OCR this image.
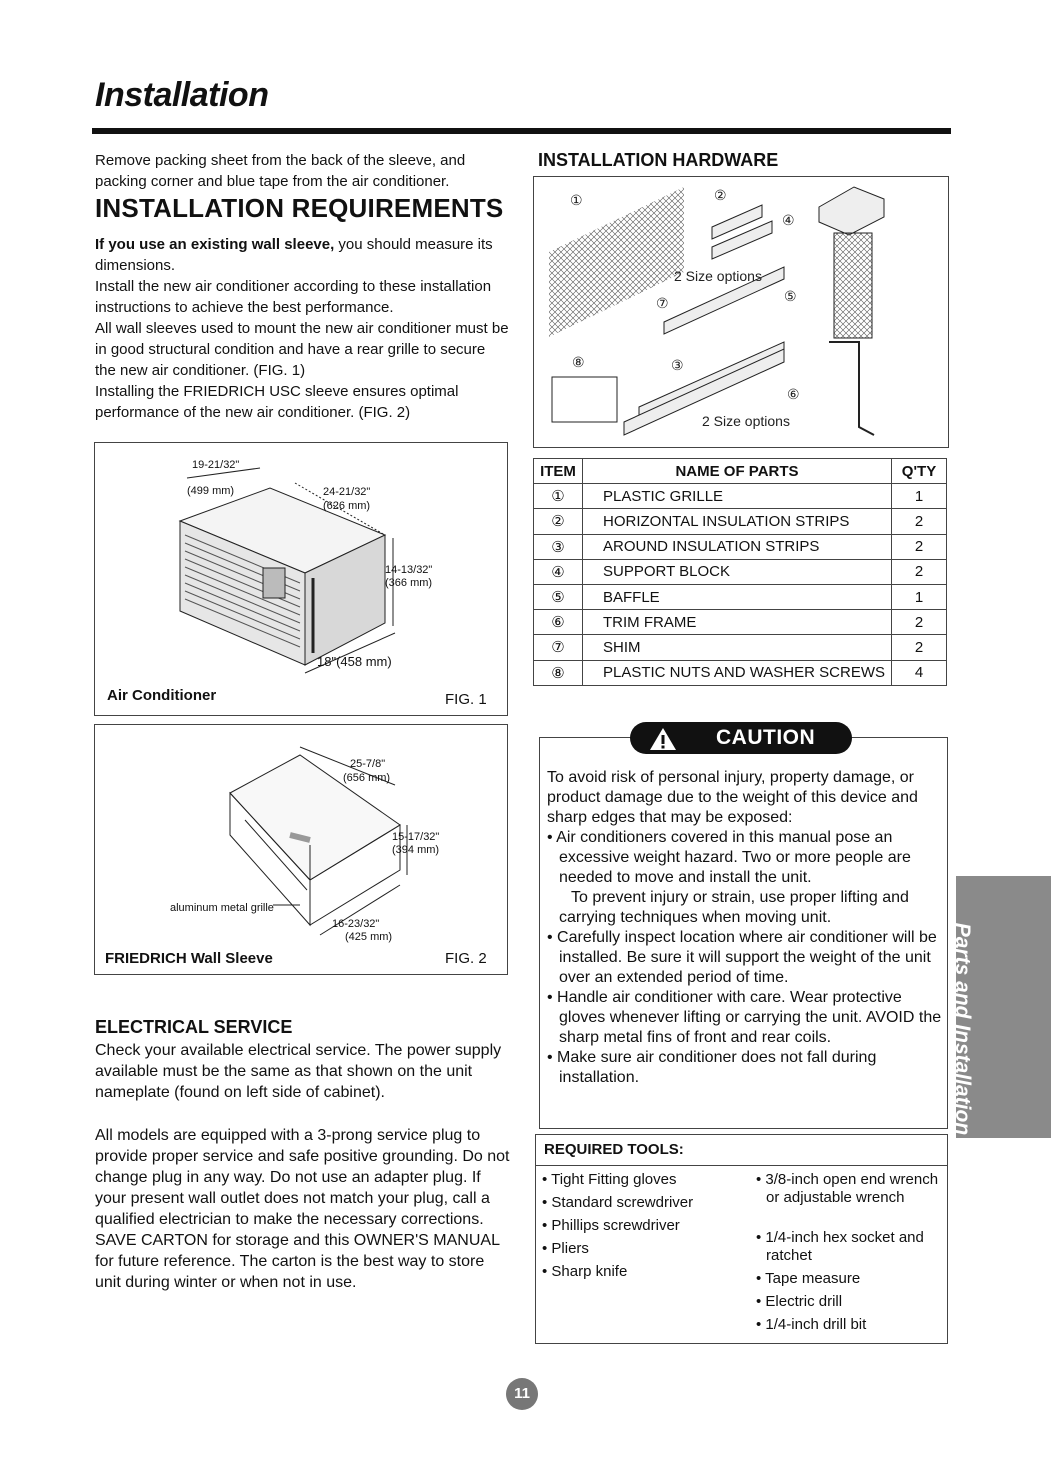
Installation
Remove packing sheet from the back of the sleeve, and packing corner and blue tape from the air conditioner.
INSTALLATION REQUIREMENTS
If you use an existing wall sleeve, you should measure its dimensions.
Install the new air conditioner according to these installation instructions to achieve the best performance.
All wall sleeves used to mount the new air conditioner must be in good structural condition and have a rear grille to secure the new air conditioner. (FIG. 1)
Installing the FRIEDRICH USC sleeve ensures optimal performance of the new air conditioner. (FIG. 2)
19-21/32"
(499 mm)	24-21/32"
(626 mm)
14-13/32"
(366 mm)
18"(458 mm)
Air Conditioner	FIG. 1
25-7/8"
(656 mm)
15-17/32"
(394 mm)
16-23/32"
(425 mm)
aluminum metal grille
FRIEDRICH Wall Sleeve	FIG. 2
ELECTRICAL SERVICE
Check your available electrical service. The power supply available must be the same as that shown on the unit nameplate (found on left side of cabinet).
All models are equipped with a 3-prong service plug to provide proper service and safe positive grounding. Do not change plug in any way. Do not use an adapter plug. If your present wall outlet does not match your plug, call a qualified electrician to make the necessary corrections. SAVE CARTON for storage and this OWNER'S MANUAL for future reference. The carton is the best way to store unit during winter or when not in use.
INSTALLATION HARDWARE
①	②
③
④
⑤
⑥
⑦
⑧
2 Size options
2 Size options
ITEM	NAME OF PARTS	Q'TY
①	PLASTIC GRILLE	1
②	HORIZONTAL INSULATION STRIPS	2
③	AROUND INSULATION STRIPS	2
④	SUPPORT BLOCK	2
⑤	BAFFLE	1
⑥	TRIM FRAME	2
⑦	SHIM	2
⑧	PLASTIC NUTS AND WASHER SCREWS	4
CAUTION
To avoid risk of personal injury, property damage, or product damage due to the weight of this device and sharp edges that may be exposed:
• Air conditioners covered in this manual pose an excessive weight hazard. Two or more people are needed to move and install the unit.
To prevent injury or strain, use proper lifting and carrying techniques when moving unit.
• Carefully inspect location where air conditioner will be installed. Be sure it will support the weight of the unit over an extended period of time.
• Handle air conditioner with care. Wear protective gloves whenever lifting or carrying the unit. AVOID the sharp metal fins of front and rear coils.
• Make sure air conditioner does not fall during installation.
REQUIRED TOOLS:
• Tight Fitting gloves
• Standard screwdriver
• Phillips screwdriver
• Pliers
• Sharp knife
• 3/8-inch open end wrench or adjustable wrench
• 1/4-inch hex socket and ratchet
• Tape measure
• Electric drill
• 1/4-inch drill bit
Parts and Installation
11
